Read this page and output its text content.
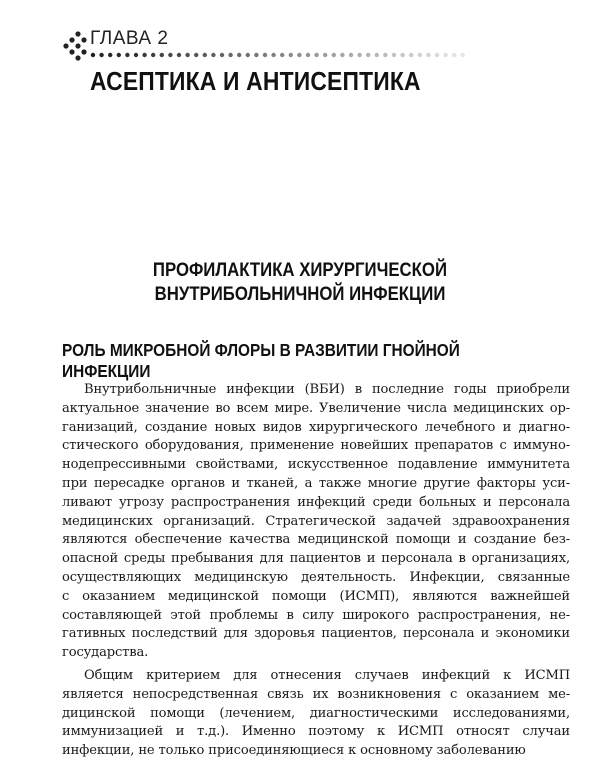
ГЛАВА 2
АСЕПТИКА И АНТИСЕПТИКА
ПРОФИЛАКТИКА ХИРУРГИЧЕСКОЙ
ВНУТРИБОЛЬНИЧНОЙ ИНФЕКЦИИ
РОЛЬ МИКРОБНОЙ ФЛОРЫ В РАЗВИТИИ ГНОЙНОЙ
ИНФЕКЦИИ
Внутрибольничные инфекции (ВБИ) в последние годы приобрели
актуальное значение во всем мире. Увеличение числа медицинских ор-
ганизаций, создание новых видов хирургического лечебного и диагно-
стического оборудования, применение новейших препаратов с иммуно-
нодепрессивными свойствами, искусственное подавление иммунитета
при пересадке органов и тканей, а также многие другие факторы уси-
ливают угрозу распространения инфекций среди больных и персонала
медицинских организаций. Стратегической задачей здравоохранения
являются обеспечение качества медицинской помощи и создание без-
опасной среды пребывания для пациентов и персонала в организациях,
осуществляющих медицинскую деятельность. Инфекции, связанные
с оказанием медицинской помощи (ИСМП), являются важнейшей
составляющей этой проблемы в силу широкого распространения, не-
гативных последствий для здоровья пациентов, персонала и экономики
государства.
Общим критерием для отнесения случаев инфекций к ИСМП
является непосредственная связь их возникновения с оказанием ме-
дицинской помощи (лечением, диагностическими исследованиями,
иммунизацией и т.д.). Именно поэтому к ИСМП относят случаи
инфекции, не только присоединяющиеся к основному заболеванию
